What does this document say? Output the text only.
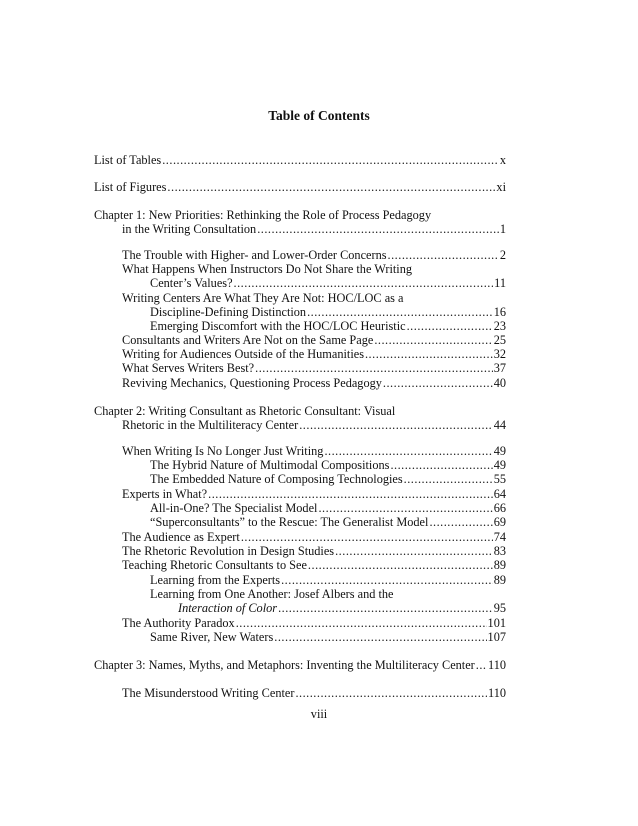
Table of Contents
List of Tables .....	x
List of Figures .....	xi
Chapter 1: New Priorities: Rethinking the Role of Process Pedagogy
in the Writing Consultation .....	1
The Trouble with Higher- and Lower-Order Concerns .....	2
What Happens When Instructors Do Not Share the Writing
Center’s Values? .....	11
Writing Centers Are What They Are Not: HOC/LOC as a
Discipline-Defining Distinction .....	16
Emerging Discomfort with the HOC/LOC Heuristic .....	23
Consultants and Writers Are Not on the Same Page .....	25
Writing for Audiences Outside of the Humanities .....	32
What Serves Writers Best? .....	37
Reviving Mechanics, Questioning Process Pedagogy .....	40
Chapter 2: Writing Consultant as Rhetoric Consultant: Visual
Rhetoric in the Multiliteracy Center .....	44
When Writing Is No Longer Just Writing .....	49
The Hybrid Nature of Multimodal Compositions .....	49
The Embedded Nature of Composing Technologies .....	55
Experts in What? .....	64
All-in-One? The Specialist Model .....	66
“Superconsultants” to the Rescue: The Generalist Model .....	69
The Audience as Expert .....	74
The Rhetoric Revolution in Design Studies .....	83
Teaching Rhetoric Consultants to See .....	89
Learning from the Experts .....	89
Learning from One Another: Josef Albers and the
Interaction of Color .....	95
The Authority Paradox .....	101
Same River, New Waters .....	107
Chapter 3: Names, Myths, and Metaphors: Inventing the Multiliteracy Center ..... 110
The Misunderstood Writing Center .....	110
viii
